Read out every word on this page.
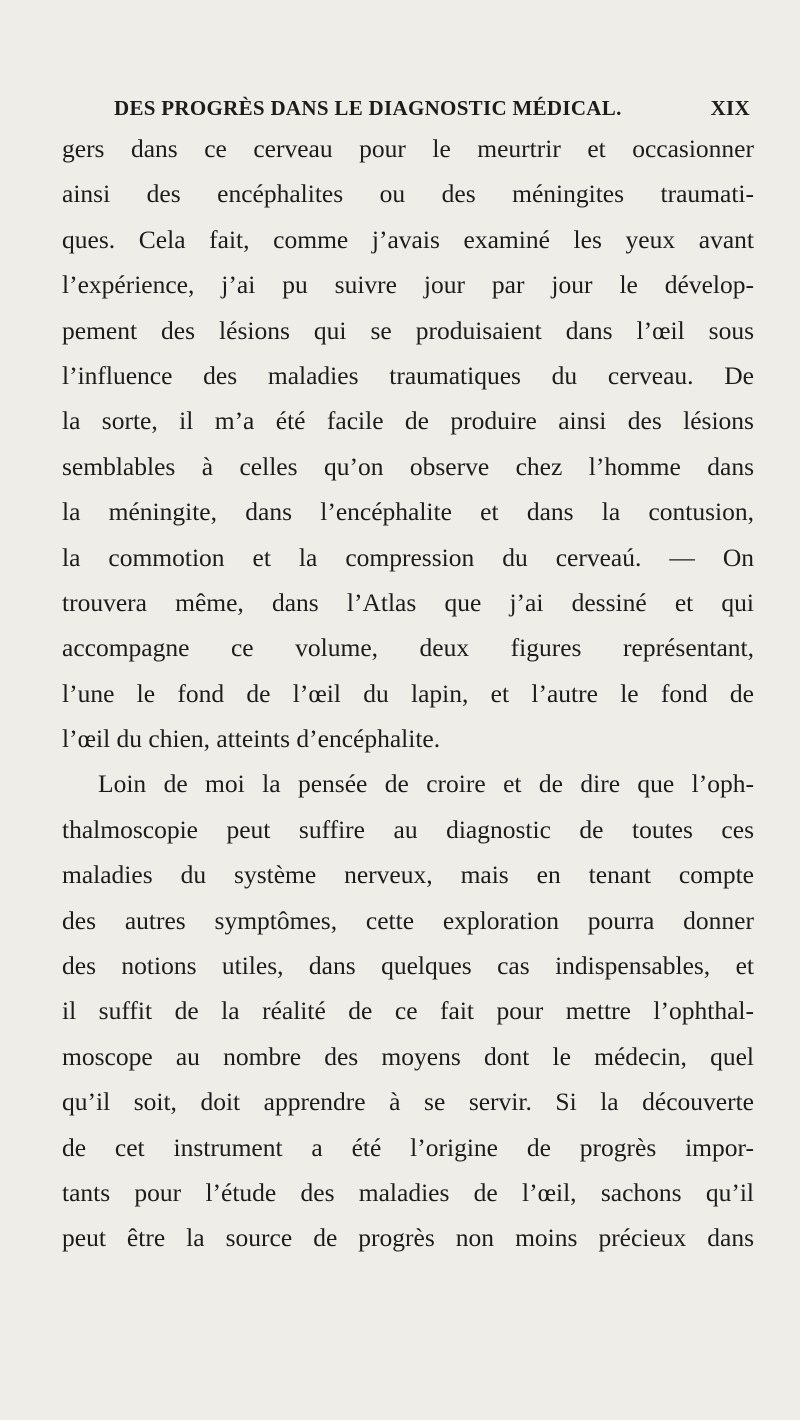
DES PROGRÈS DANS LE DIAGNOSTIC MÉDICAL.	XIX
gers dans ce cerveau pour le meurtrir et occasionner
ainsi des encéphalites ou des méningites traumati-
ques. Cela fait, comme j’avais examiné les yeux avant
l’expérience, j’ai pu suivre jour par jour le dévelop-
pement des lésions qui se produisaient dans l’œil sous
l’influence des maladies traumatiques du cerveau. De
la sorte, il m’a été facile de produire ainsi des lésions
semblables à celles qu’on observe chez l’homme dans
la méningite, dans l’encéphalite et dans la contusion,
la commotion et la compression du cerveaú. — On
trouvera même, dans l’Atlas que j’ai dessiné et qui
accompagne ce volume, deux figures représentant,
l’une le fond de l’œil du lapin, et l’autre le fond de
l’œil du chien, atteints d’encéphalite.
Loin de moi la pensée de croire et de dire que l’oph-
thalmoscopie peut suffire au diagnostic de toutes ces
maladies du système nerveux, mais en tenant compte
des autres symptômes, cette exploration pourra donner
des notions utiles, dans quelques cas indispensables, et
il suffit de la réalité de ce fait pour mettre l’ophthal-
moscope au nombre des moyens dont le médecin, quel
qu’il soit, doit apprendre à se servir. Si la découverte
de cet instrument a été l’origine de progrès impor-
tants pour l’étude des maladies de l’œil, sachons qu’il
peut être la source de progrès non moins précieux dans
